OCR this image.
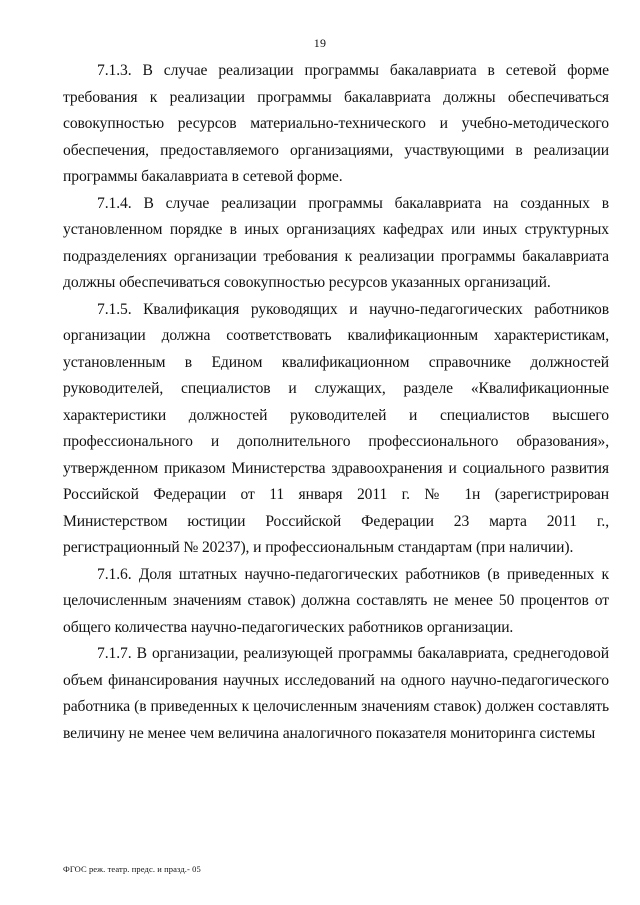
19

7.1.3. В случае реализации программы бакалавриата в сетевой форме требования к реализации программы бакалавриата должны обеспечиваться совокупностью ресурсов материально-технического и учебно-методического обеспечения, предоставляемого организациями, участвующими в реализации программы бакалавриата в сетевой форме.

7.1.4. В случае реализации программы бакалавриата на созданных в установленном порядке в иных организациях кафедрах или иных структурных подразделениях организации требования к реализации программы бакалавриата должны обеспечиваться совокупностью ресурсов указанных организаций.

7.1.5. Квалификация руководящих и научно-педагогических работников организации должна соответствовать квалификационным характеристикам, установленным в Едином квалификационном справочнике должностей руководителей, специалистов и служащих, разделе «Квалификационные характеристики должностей руководителей и специалистов высшего профессионального и дополнительного профессионального образования», утвержденном приказом Министерства здравоохранения и социального развития Российской Федерации от 11 января 2011 г. № 1н (зарегистрирован Министерством юстиции Российской Федерации 23 марта 2011 г., регистрационный № 20237), и профессиональным стандартам (при наличии).

7.1.6. Доля штатных научно-педагогических работников (в приведенных к целочисленным значениям ставок) должна составлять не менее 50 процентов от общего количества научно-педагогических работников организации.

7.1.7. В организации, реализующей программы бакалавриата, среднегодовой объем финансирования научных исследований на одного научно-педагогического работника (в приведенных к целочисленным значениям ставок) должен составлять величину не менее чем величина аналогичного показателя мониторинга системы

ФГОС реж. театр. предс. и празд.- 05
